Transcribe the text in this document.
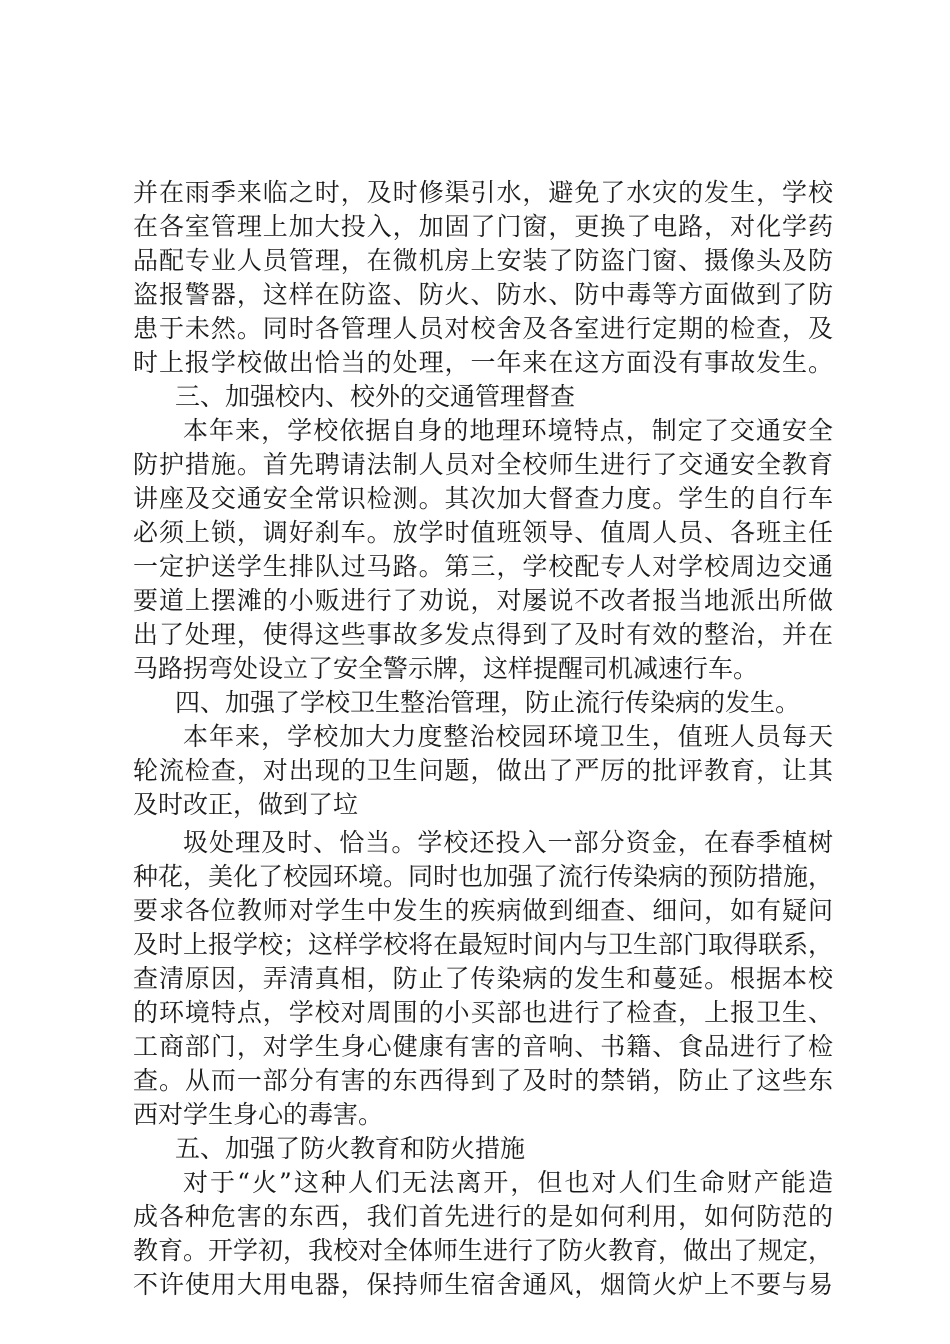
并在雨季来临之时，及时修渠引水，避免了水灾的发生，学校
在各室管理上加大投入，加固了门窗，更换了电路，对化学药
品配专业人员管理，在微机房上安装了防盗门窗、摄像头及防
盗报警器，这样在防盗、防火、防水、防中毒等方面做到了防
患于未然。同时各管理人员对校舍及各室进行定期的检查，及
时上报学校做出恰当的处理，一年来在这方面没有事故发生。
三、加强校内、校外的交通管理督查
本年来，学校依据自身的地理环境特点，制定了交通安全
防护措施。首先聘请法制人员对全校师生进行了交通安全教育
讲座及交通安全常识检测。其次加大督查力度。学生的自行车
必须上锁，调好刹车。放学时值班领导、值周人员、各班主任
一定护送学生排队过马路。第三，学校配专人对学校周边交通
要道上摆滩的小贩进行了劝说，对屡说不改者报当地派出所做
出了处理，使得这些事故多发点得到了及时有效的整治，并在
马路拐弯处设立了安全警示牌，这样提醒司机减速行车。
四、加强了学校卫生整治管理，防止流行传染病的发生。
本年来，学校加大力度整治校园环境卫生，值班人员每天
轮流检查，对出现的卫生问题，做出了严厉的批评教育，让其
及时改正，做到了垃
圾处理及时、恰当。学校还投入一部分资金，在春季植树
种花，美化了校园环境。同时也加强了流行传染病的预防措施，
要求各位教师对学生中发生的疾病做到细查、细问，如有疑问
及时上报学校；这样学校将在最短时间内与卫生部门取得联系，
查清原因，弄清真相，防止了传染病的发生和蔓延。根据本校
的环境特点，学校对周围的小买部也进行了检查，上报卫生、
工商部门，对学生身心健康有害的音响、书籍、食品进行了检
查。从而一部分有害的东西得到了及时的禁销，防止了这些东
西对学生身心的毒害。
五、加强了防火教育和防火措施
对于“火”这种人们无法离开，但也对人们生命财产能造
成各种危害的东西，我们首先进行的是如何利用，如何防范的
教育。开学初，我校对全体师生进行了防火教育，做出了规定，
不许使用大用电器，保持师生宿舍通风，烟筒火炉上不要与易
